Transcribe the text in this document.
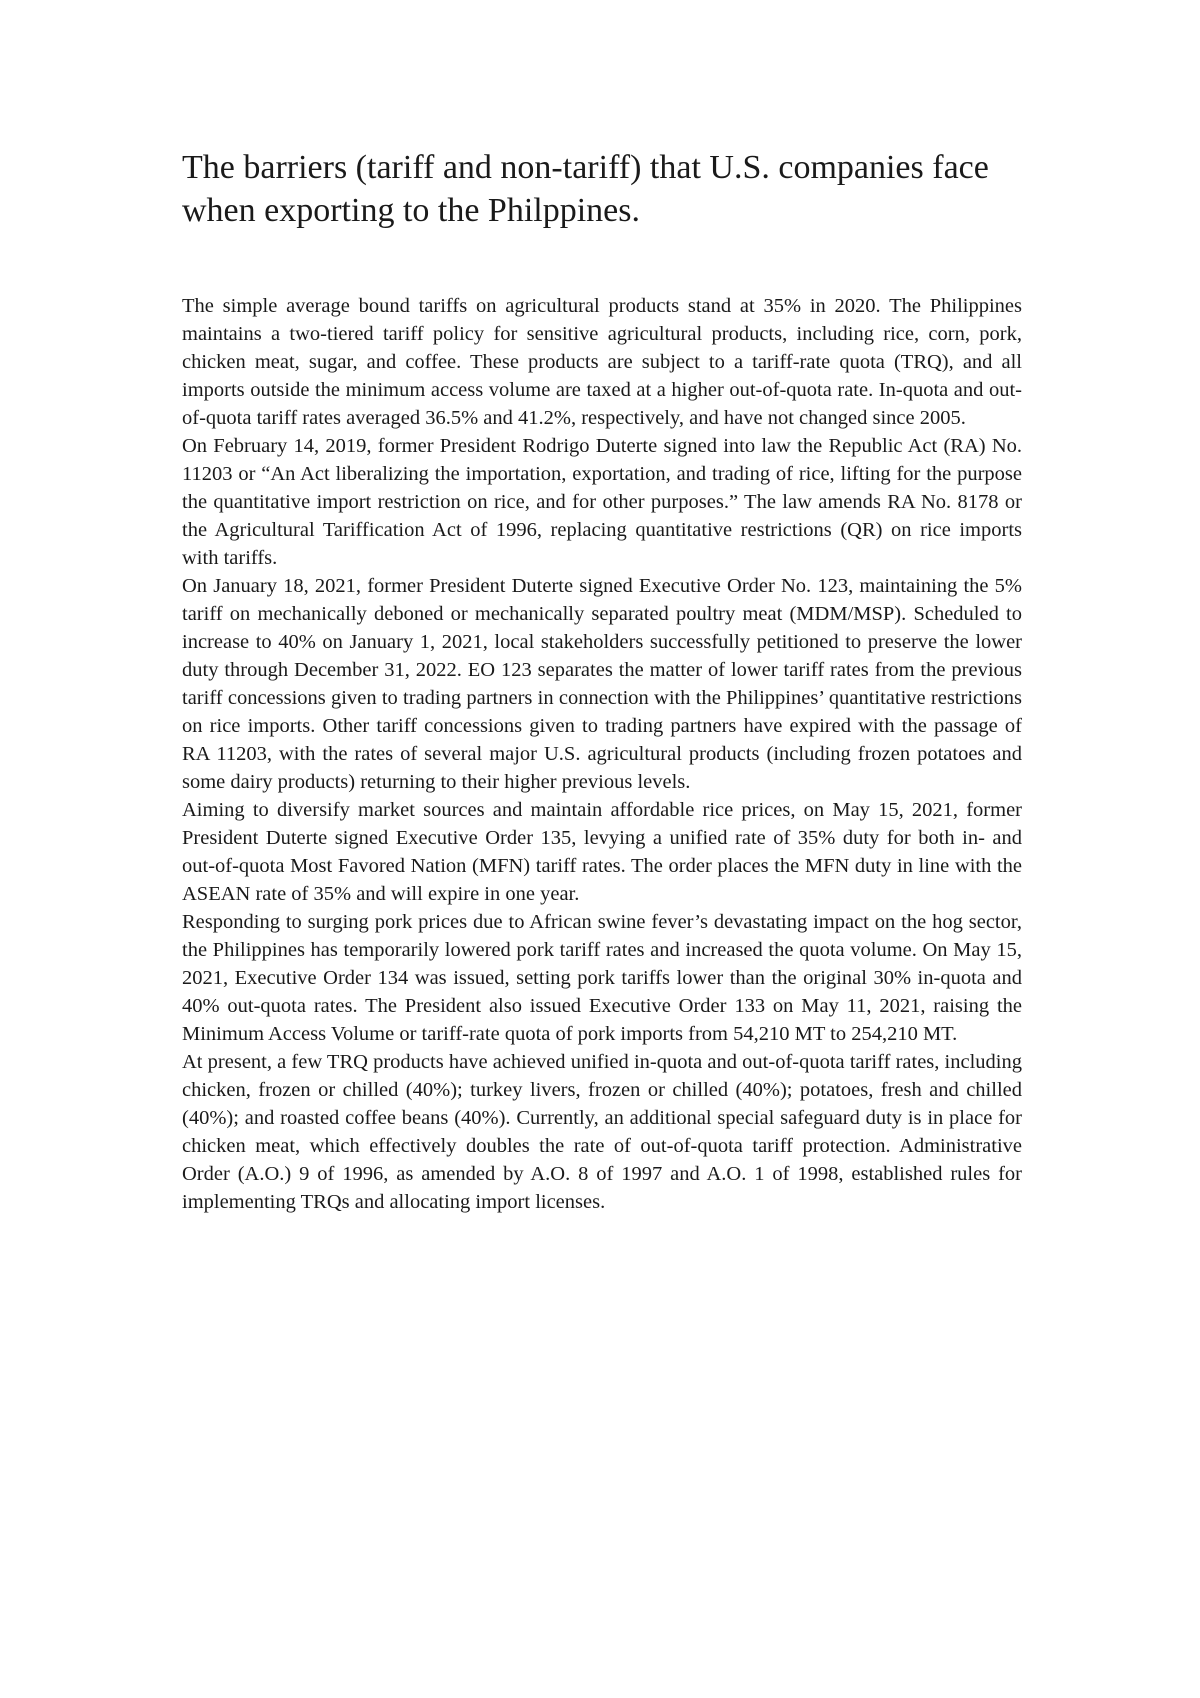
The barriers (tariff and non-tariff) that U.S. companies face when exporting to the Philppines.

The simple average bound tariffs on agricultural products stand at 35% in 2020. The Philippines maintains a two-tiered tariff policy for sensitive agricultural products, including rice, corn, pork, chicken meat, sugar, and coffee. These products are subject to a tariff-rate quota (TRQ), and all imports outside the minimum access volume are taxed at a higher out-of-quota rate. In-quota and out-of-quota tariff rates averaged 36.5% and 41.2%, respectively, and have not changed since 2005.

On February 14, 2019, former President Rodrigo Duterte signed into law the Republic Act (RA) No. 11203 or “An Act liberalizing the importation, exportation, and trading of rice, lifting for the purpose the quantitative import restriction on rice, and for other purposes.” The law amends RA No. 8178 or the Agricultural Tariffication Act of 1996, replacing quantitative restrictions (QR) on rice imports with tariffs.

On January 18, 2021, former President Duterte signed Executive Order No. 123, maintaining the 5% tariff on mechanically deboned or mechanically separated poultry meat (MDM/MSP). Scheduled to increase to 40% on January 1, 2021, local stakeholders successfully petitioned to preserve the lower duty through December 31, 2022. EO 123 separates the matter of lower tariff rates from the previous tariff concessions given to trading partners in connection with the Philippines’ quantitative restrictions on rice imports. Other tariff concessions given to trading partners have expired with the passage of RA 11203, with the rates of several major U.S. agricultural products (including frozen potatoes and some dairy products) returning to their higher previous levels.

Aiming to diversify market sources and maintain affordable rice prices, on May 15, 2021, former President Duterte signed Executive Order 135, levying a unified rate of 35% duty for both in- and out-of-quota Most Favored Nation (MFN) tariff rates. The order places the MFN duty in line with the ASEAN rate of 35% and will expire in one year.

Responding to surging pork prices due to African swine fever’s devastating impact on the hog sector, the Philippines has temporarily lowered pork tariff rates and increased the quota volume. On May 15, 2021, Executive Order 134 was issued, setting pork tariffs lower than the original 30% in-quota and 40% out-quota rates. The President also issued Executive Order 133 on May 11, 2021, raising the Minimum Access Volume or tariff-rate quota of pork imports from 54,210 MT to 254,210 MT.

At present, a few TRQ products have achieved unified in-quota and out-of-quota tariff rates, including chicken, frozen or chilled (40%); turkey livers, frozen or chilled (40%); potatoes, fresh and chilled (40%); and roasted coffee beans (40%). Currently, an additional special safeguard duty is in place for chicken meat, which effectively doubles the rate of out-of-quota tariff protection. Administrative Order (A.O.) 9 of 1996, as amended by A.O. 8 of 1997 and A.O. 1 of 1998, established rules for implementing TRQs and allocating import licenses.
